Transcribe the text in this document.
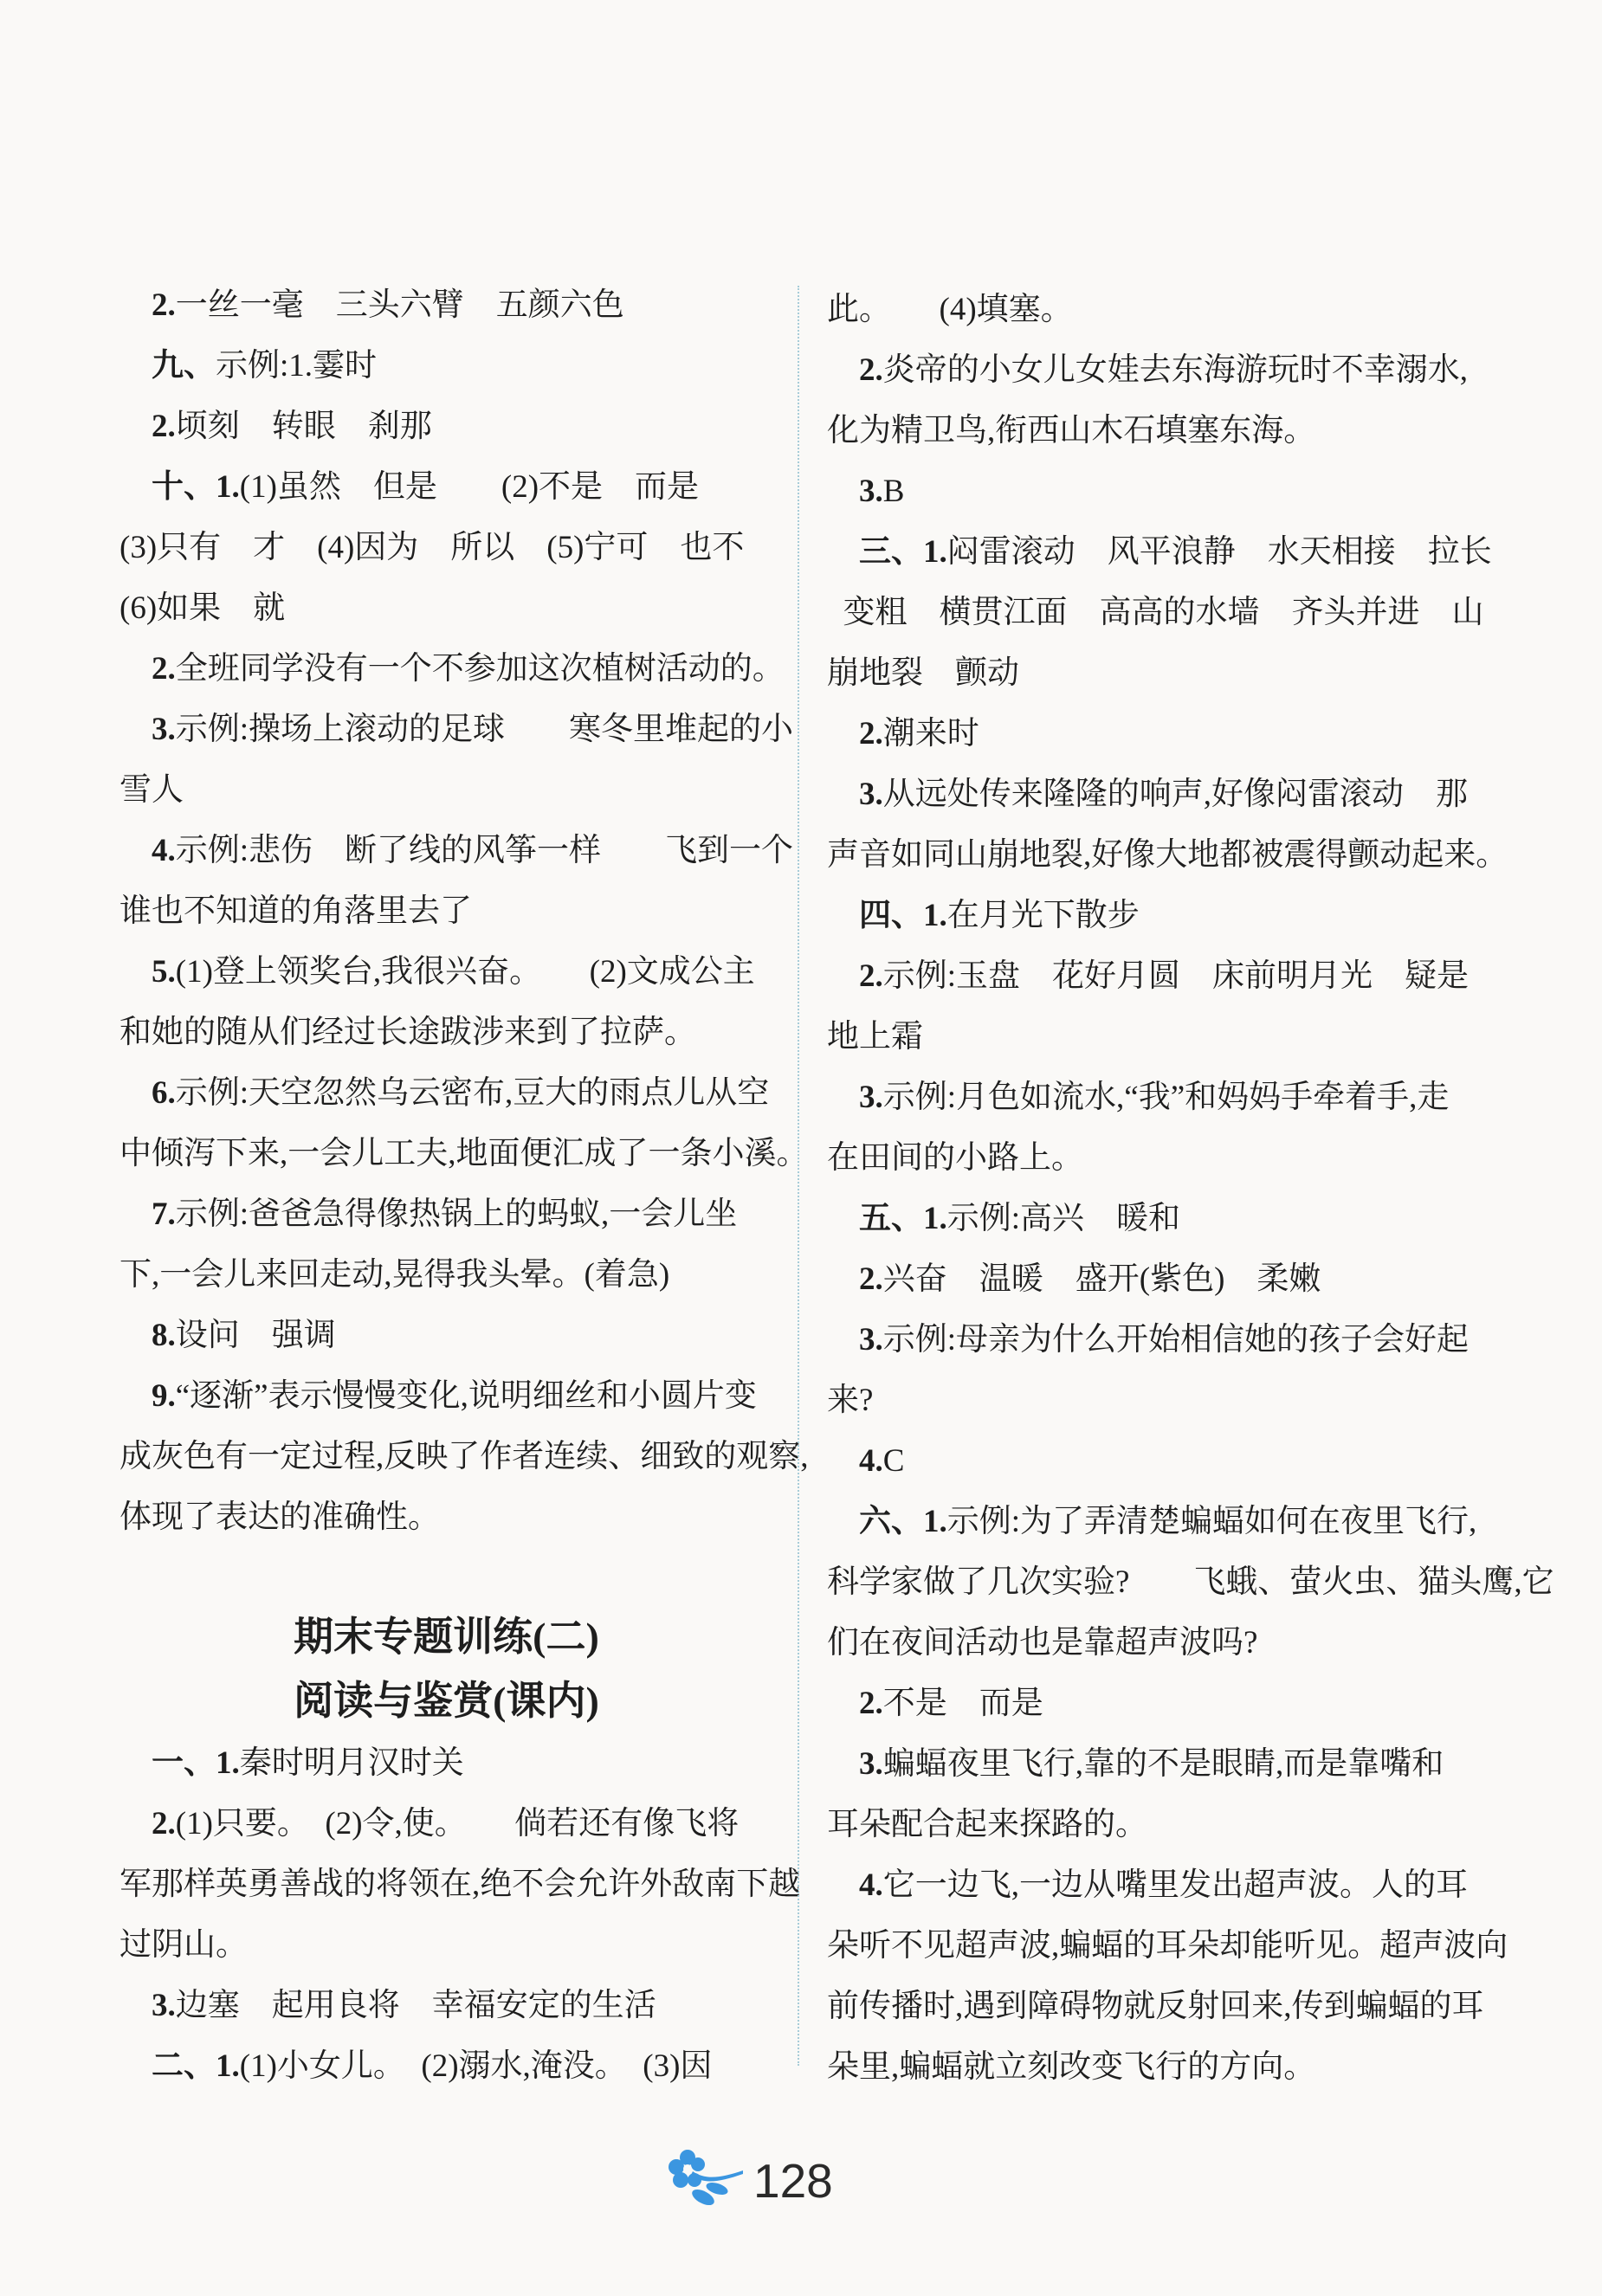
　2.一丝一毫　三头六臂　五颜六色
　九、示例:1.霎时
　2.顷刻　转眼　刹那
　十、1.(1)虽然　但是　　(2)不是　而是
(3)只有　才　(4)因为　所以　(5)宁可　也不
(6)如果　就
　2.全班同学没有一个不参加这次植树活动的。
　3.示例:操场上滚动的足球　　寒冬里堆起的小
雪人
　4.示例:悲伤　断了线的风筝一样　　飞到一个
谁也不知道的角落里去了
　5.(1)登上领奖台,我很兴奋。　　(2)文成公主
和她的随从们经过长途跋涉来到了拉萨。
　6.示例:天空忽然乌云密布,豆大的雨点儿从空
中倾泻下来,一会儿工夫,地面便汇成了一条小溪。
　7.示例:爸爸急得像热锅上的蚂蚁,一会儿坐
下,一会儿来回走动,晃得我头晕。(着急)
　8.设问　强调
　9.“逐渐”表示慢慢变化,说明细丝和小圆片变
成灰色有一定过程,反映了作者连续、细致的观察,
体现了表达的准确性。
期末专题训练(二)
阅读与鉴赏(课内)
　一、1.秦时明月汉时关
　2.(1)只要。　(2)令,使。　　倘若还有像飞将
军那样英勇善战的将领在,绝不会允许外敌南下越
过阴山。
　3.边塞　起用良将　幸福安定的生活
　二、1.(1)小女儿。　(2)溺水,淹没。　(3)因
此。　　(4)填塞。
　2.炎帝的小女儿女娃去东海游玩时不幸溺水,
化为精卫鸟,衔西山木石填塞东海。
　3.B
　三、1.闷雷滚动　风平浪静　水天相接　拉长
变粗　横贯江面　高高的水墙　齐头并进　山
崩地裂　颤动
　2.潮来时
　3.从远处传来隆隆的响声,好像闷雷滚动　那
声音如同山崩地裂,好像大地都被震得颤动起来。
　四、1.在月光下散步
　2.示例:玉盘　花好月圆　床前明月光　疑是
地上霜
　3.示例:月色如流水,“我”和妈妈手牵着手,走
在田间的小路上。
　五、1.示例:高兴　暖和
　2.兴奋　温暖　盛开(紫色)　柔嫩
　3.示例:母亲为什么开始相信她的孩子会好起
来?
　4.C
　六、1.示例:为了弄清楚蝙蝠如何在夜里飞行,
科学家做了几次实验?　　飞蛾、萤火虫、猫头鹰,它
们在夜间活动也是靠超声波吗?
　2.不是　而是
　3.蝙蝠夜里飞行,靠的不是眼睛,而是靠嘴和
耳朵配合起来探路的。
　4.它一边飞,一边从嘴里发出超声波。人的耳
朵听不见超声波,蝙蝠的耳朵却能听见。超声波向
前传播时,遇到障碍物就反射回来,传到蝙蝠的耳
朵里,蝙蝠就立刻改变飞行的方向。
128
